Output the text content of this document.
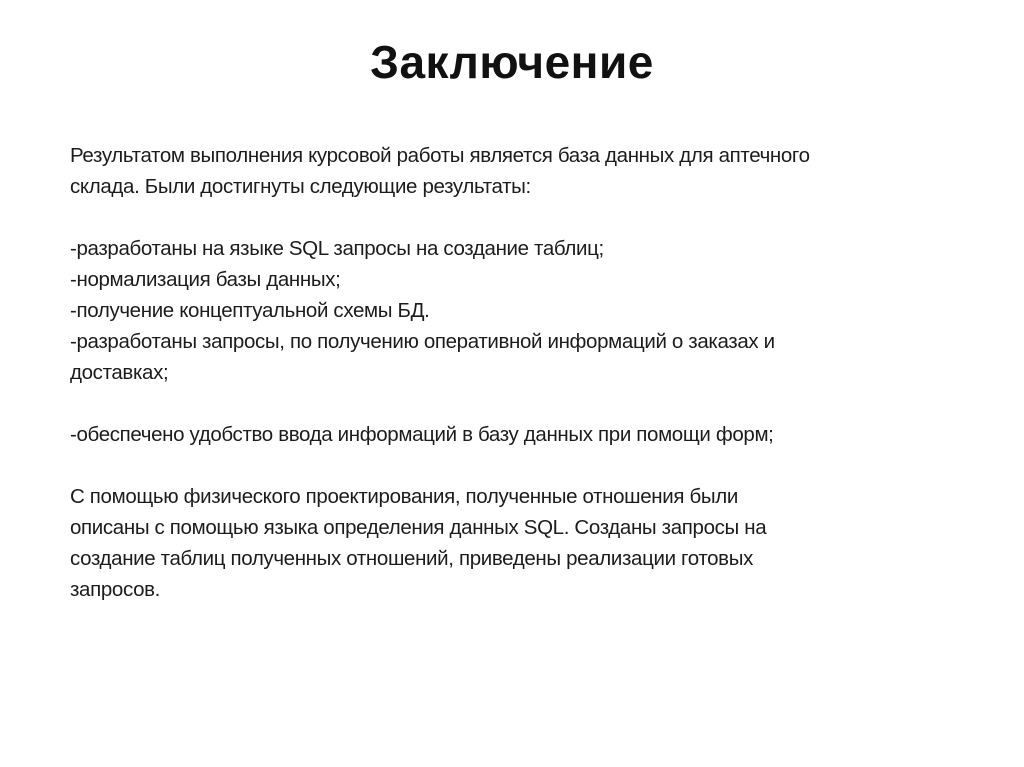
Заключение

Результатом выполнения курсовой работы является база данных для аптечного

склада. Были достигнуты следующие результаты:

-разработаны на языке SQL запросы на создание таблиц;

-нормализация базы данных;

-получение концептуальной схемы БД.

-разработаны запросы, по получению оперативной информаций о заказах и

доставках;

-обеспечено удобство ввода информаций в базу данных при помощи форм;

С помощью физического проектирования, полученные отношения были

описаны с помощью языка определения данных SQL. Созданы запросы на

создание таблиц полученных отношений, приведены реализации готовых

запросов.
